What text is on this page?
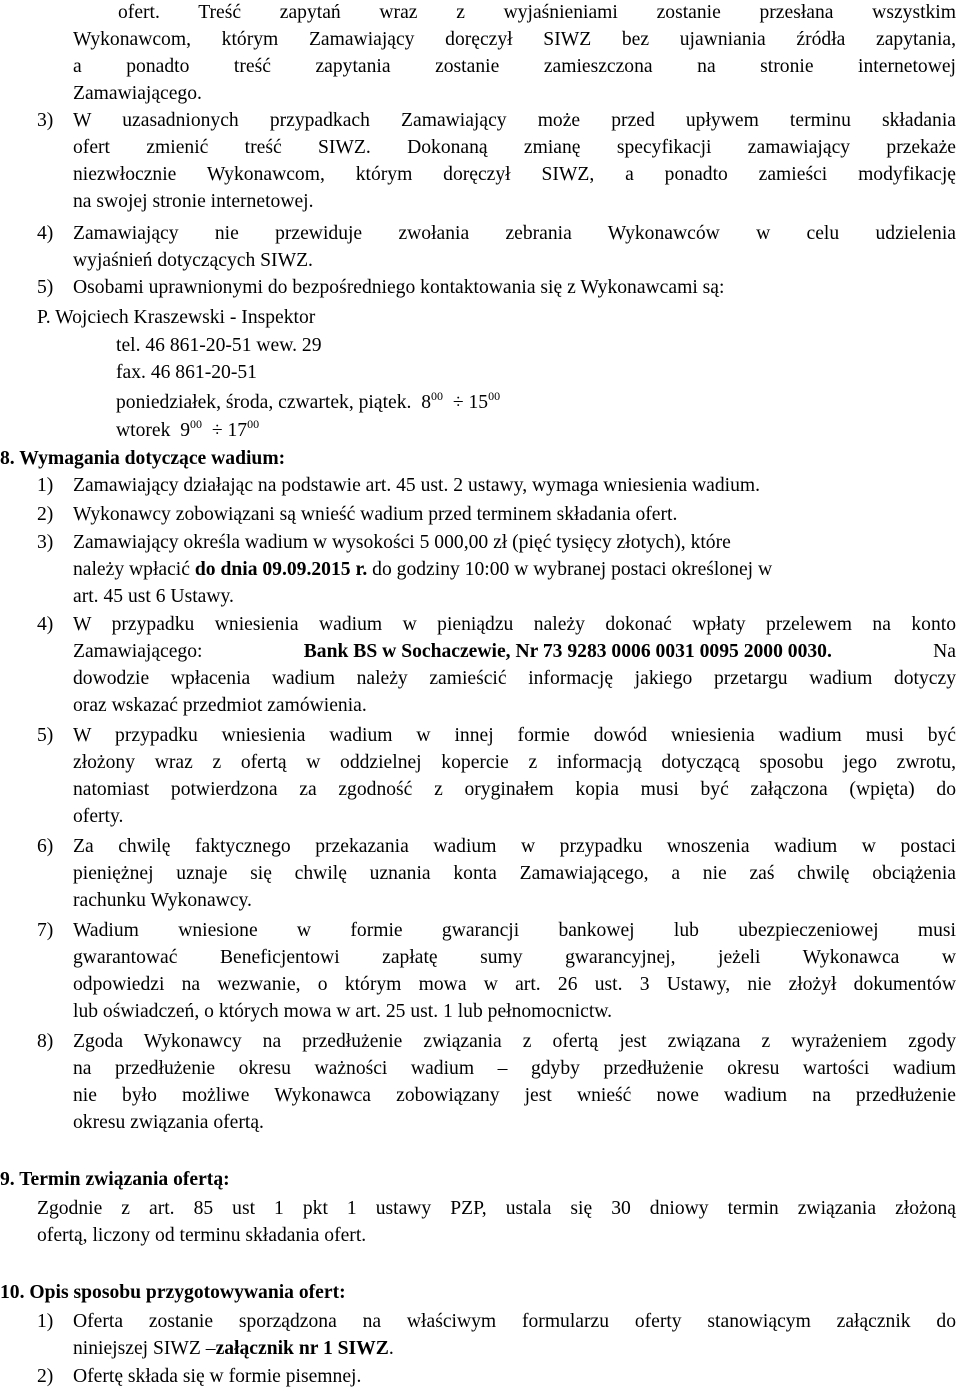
ofert. Treść zapytań wraz z wyjaśnieniami zostanie przesłana wszystkim
Wykonawcom, którym Zamawiający doręczył SIWZ bez ujawniania źródła zapytania,
a ponadto treść zapytania zostanie zamieszczona na stronie internetowej
Zamawiającego.
3) W uzasadnionych przypadkach Zamawiający może przed upływem terminu składania
ofert zmienić treść SIWZ. Dokonaną zmianę specyfikacji zamawiający przekaże
niezwłocznie Wykonawcom, którym doręczył SIWZ, a ponadto zamieści modyfikację
na swojej stronie internetowej.
4) Zamawiający nie przewiduje zwołania zebrania Wykonawców w celu udzielenia
wyjaśnień dotyczących SIWZ.
5) Osobami uprawnionymi do bezpośredniego kontaktowania się z Wykonawcami są:
P. Wojciech Kraszewski - Inspektor
tel. 46 861-20-51 wew. 29
fax. 46 861-20-51
poniedziałek, środa, czwartek, piątek. $8^{00} \div 15^{00}$
wtorek $9^{00} \div 17^{00}$
8. Wymagania dotyczące wadium:
1) Zamawiający działając na podstawie art. 45 ust. 2 ustawy, wymaga wniesienia wadium.
2) Wykonawcy zobowiązani są wnieść wadium przed terminem składania ofert.
3) Zamawiający określa wadium w wysokości 5 000,00 zł (pięć tysięcy złotych), które
należy wpłacić do dnia 09.09.2015 r. do godziny 10:00 w wybranej postaci określonej w
art. 45 ust 6 Ustawy.
4) W przypadku wniesienia wadium w pieniądzu należy dokonać wpłaty przelewem na konto
Zamawiającego:	Bank BS w Sochaczewie, Nr 73 9283 0006 0031 0095 2000 0030.	Na
dowodzie wpłacenia wadium należy zamieścić informację jakiego przetargu wadium dotyczy
oraz wskazać przedmiot zamówienia.
5) W przypadku wniesienia wadium w innej formie dowód wniesienia wadium musi być
złożony wraz z ofertą w oddzielnej kopercie z informacją dotyczącą sposobu jego zwrotu,
natomiast potwierdzona za zgodność z oryginałem kopia musi być załączona (wpięta) do
oferty.
6) Za chwilę faktycznego przekazania wadium w przypadku wnoszenia wadium w postaci
pieniężnej uznaje się chwilę uznania konta Zamawiającego, a nie zaś chwilę obciążenia
rachunku Wykonawcy.
7) Wadium wniesione w formie gwarancji bankowej lub ubezpieczeniowej musi
gwarantować Beneficjentowi zapłatę sumy gwarancyjnej, jeżeli Wykonawca w
odpowiedzi na wezwanie, o którym mowa w art. 26 ust. 3 Ustawy, nie złożył dokumentów
lub oświadczeń, o których mowa w art. 25 ust. 1 lub pełnomocnictw.
8) Zgoda Wykonawcy na przedłużenie związania z ofertą jest związana z wyrażeniem zgody
na przedłużenie okresu ważności wadium – gdyby przedłużenie okresu wartości wadium
nie było możliwe Wykonawca zobowiązany jest wnieść nowe wadium na przedłużenie
okresu związania ofertą.
9. Termin związania ofertą:
Zgodnie z art. 85 ust 1 pkt 1 ustawy PZP, ustala się 30 dniowy termin związania złożoną
ofertą, liczony od terminu składania ofert.
10. Opis sposobu przygotowywania ofert:
1) Oferta zostanie sporządzona na właściwym formularzu oferty stanowiącym załącznik do
niniejszej SIWZ –załącznik nr 1 SIWZ.
2) Ofertę składa się w formie pisemnej.
